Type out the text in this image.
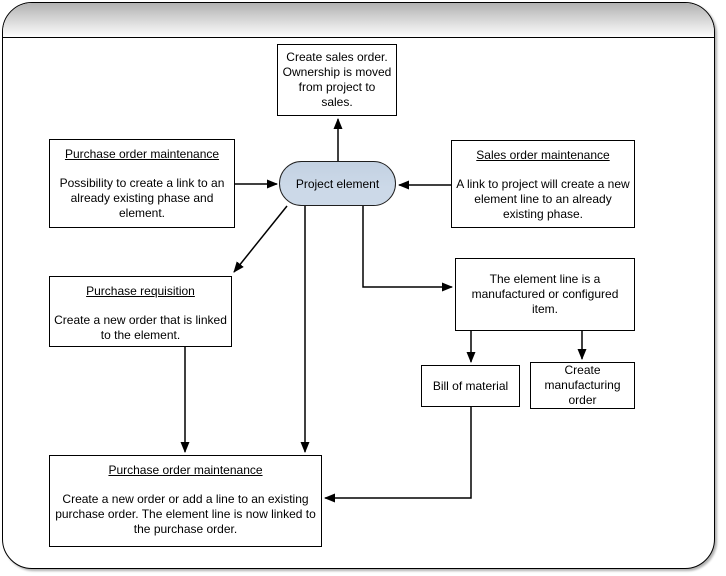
Create sales order. Ownership is moved from project to sales.
Purchase order maintenance
Possibility to create a link to an already existing phase and element.
Project element
Sales order maintenance
A link to project will create a new element line to an already existing phase.
Purchase requisition
Create a new order that is linked to the element.
The element line is a manufactured or configured item.
Bill of material
Create manufacturing order
Purchase order maintenance
Create a new order or add a line to an existing purchase order. The element line is now linked to the purchase order.
